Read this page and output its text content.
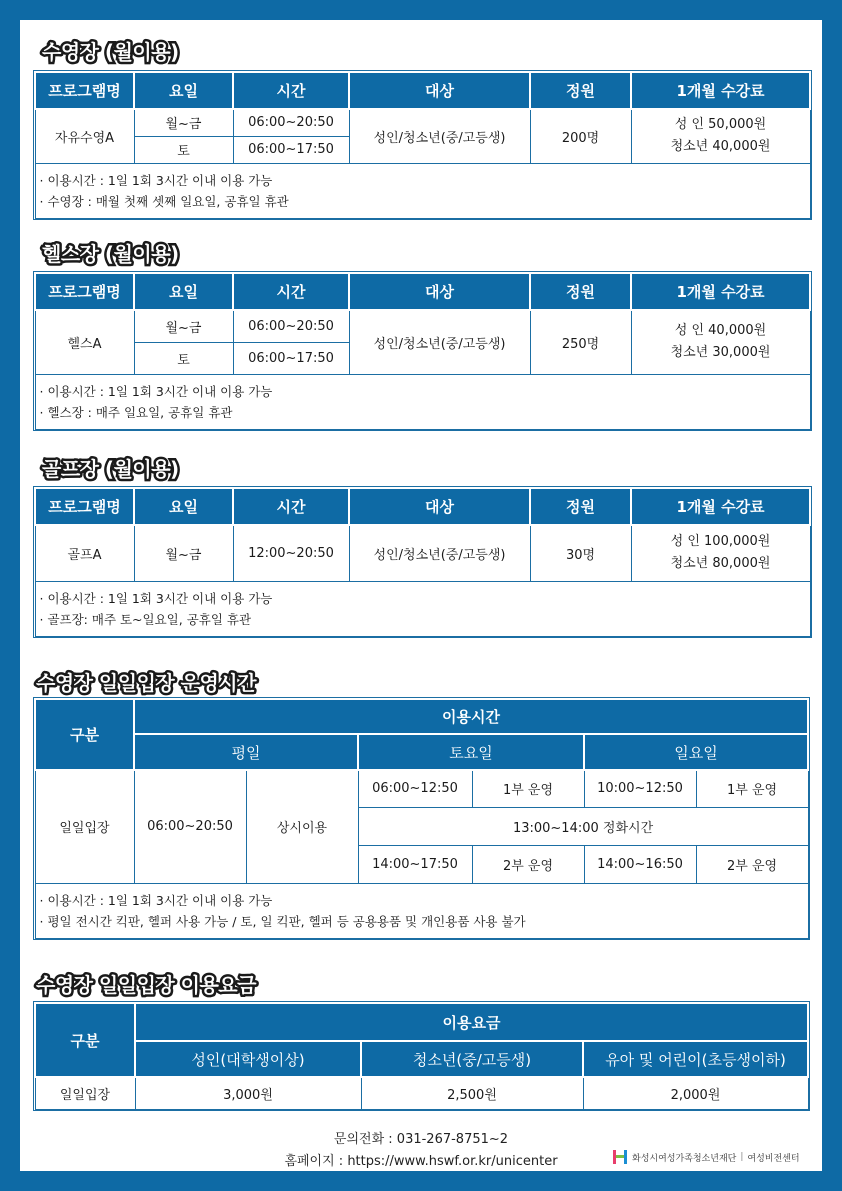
수영장 (월이용)
프로그램명	요일	시간	대상	정원	1개월 수강료
자유수영A	월~금	06:00~20:50	성인/청소년(중/고등생)	200명	성 인 50,000원
청소년 40,000원

	토	06:00~17:50			

· 이용시간 : 1일 1회 3시간 이내 이용 가능
· 수영장 : 매월 첫째 셋째 일요일, 공휴일 휴관
헬스장 (월이용)
프로그램명	요일	시간	대상	정원	1개월 수강료
헬스A	월~금	06:00~20:50	성인/청소년(중/고등생)	250명	성 인 40,000원
청소년 30,000원

	토	06:00~17:50			

· 이용시간 : 1일 1회 3시간 이내 이용 가능
· 헬스장 : 매주 일요일, 공휴일 휴관
골프장 (월이용)
프로그램명	요일	시간	대상	정원	1개월 수강료
골프A	월~금	12:00~20:50	성인/청소년(중/고등생)	30명	성 인 100,000원
청소년 80,000원

· 이용시간 : 1일 1회 3시간 이내 이용 가능
· 골프장: 매주 토~일요일, 공휴일 휴관
수영장 일일입장 운영시간
구분	이용시간					
	평일		토요일		일요일	
일일입장	06:00~20:50	상시이용	06:00~12:50	1부 운영	10:00~12:50	1부 운영
			13:00~14:00 정화시간			
			14:00~17:50	2부 운영	14:00~16:50	2부 운영

· 이용시간 : 1일 1회 3시간 이내 이용 가능
· 평일 전시간 킥판, 헬퍼 사용 가능 / 토, 일 킥판, 헬퍼 등 공용용품 및 개인용품 사용 불가
수영장 일일입장 이용요금
구분	이용요금		
	성인(대학생이상)	청소년(중/고등생)	유아 및 어린이(초등생이하)
일일입장	3,000원	2,500원	2,000원
문의전화 : 031-267-8751~2
홈페이지 : https://www.hswf.or.kr/unicenter	화성시여성가족청소년재단 | 여성비전센터
